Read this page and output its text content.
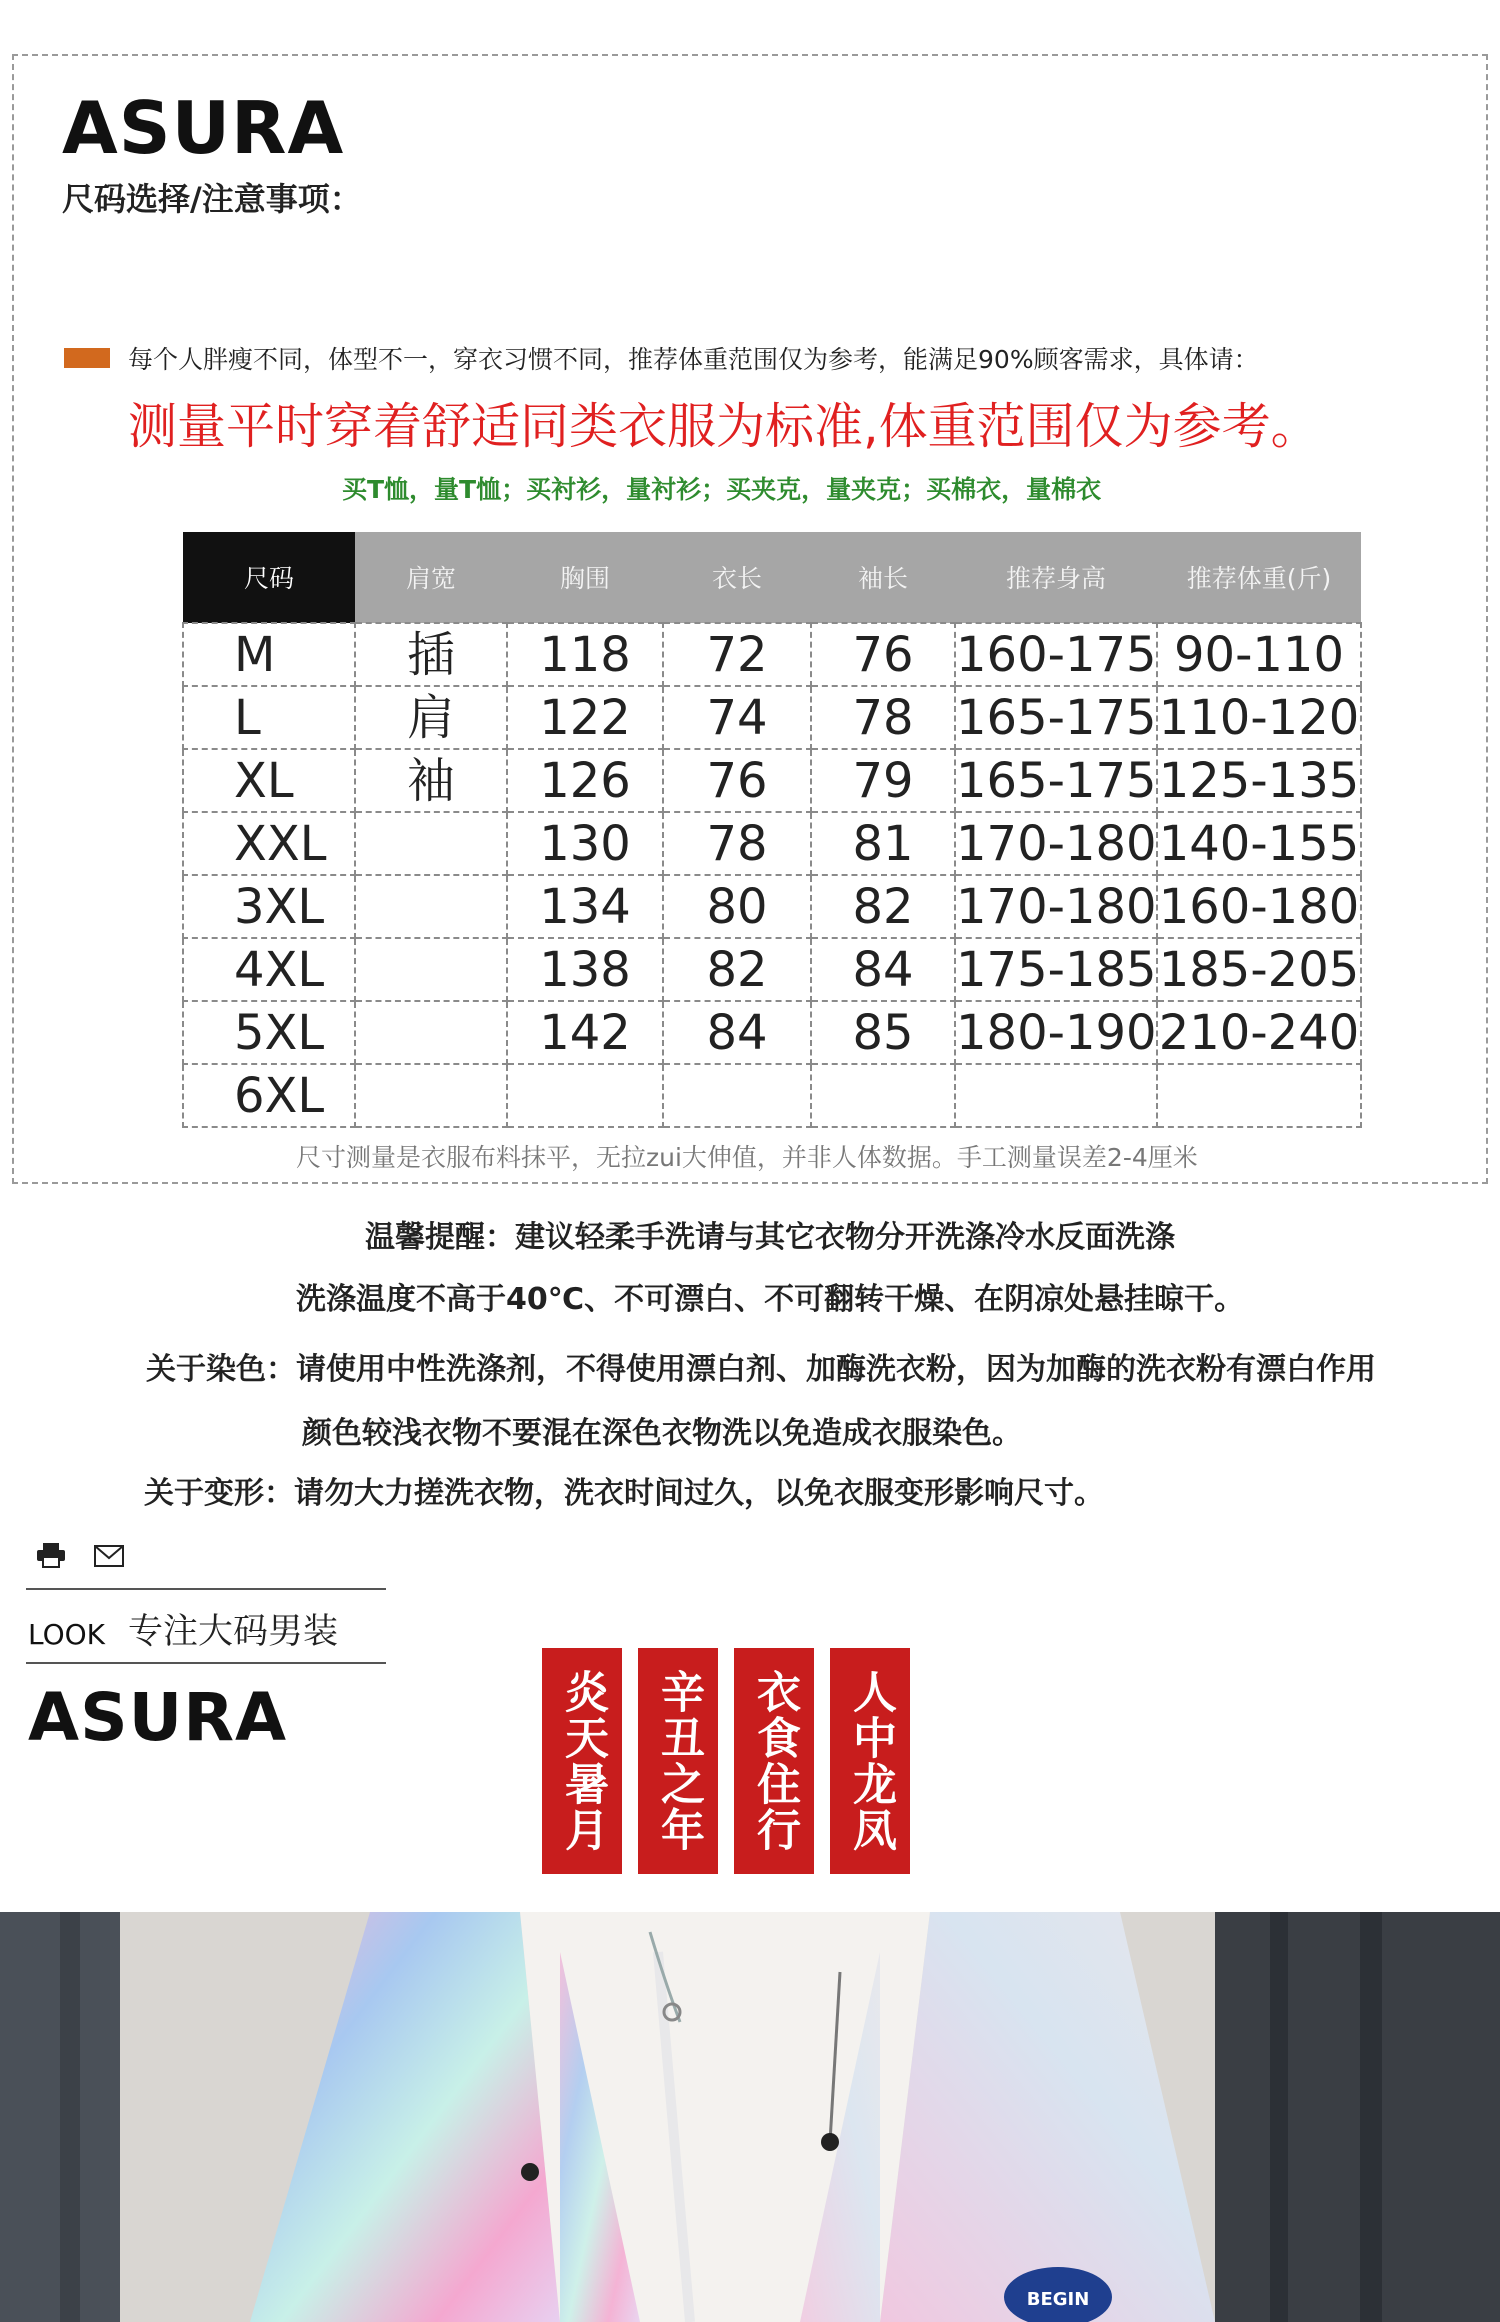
ASURA
尺码选择/注意事项：
每个人胖瘦不同，体型不一，穿衣习惯不同，推荐体重范围仅为参考，能满足90%顾客需求，具体请：
测量平时穿着舒适同类衣服为标准,体重范围仅为参考。
买T恤，量T恤；买衬衫，量衬衫；买夹克，量夹克；买棉衣，量棉衣
尺码	肩宽	胸围	衣长	袖长	推荐身高	推荐体重(斤)
M	插	118	72	76	160-175	90-110
L	肩	122	74	78	165-175	110-120
XL	袖	126	76	79	165-175	125-135
XXL		130	78	81	170-180	140-155
3XL		134	80	82	170-180	160-180
4XL		138	82	84	175-185	185-205
5XL		142	84	85	180-190	210-240
6XL						
尺寸测量是衣服布料抹平，无拉zui大伸值，并非人体数据。手工测量误差2-4厘米
温馨提醒：建议轻柔手洗请与其它衣物分开洗涤冷水反面洗涤
洗涤温度不高于40℃、不可漂白、不可翻转干燥、在阴凉处悬挂晾干。
关于染色：请使用中性洗涤剂，不得使用漂白剂、加酶洗衣粉，因为加酶的洗衣粉有漂白作用
颜色较浅衣物不要混在深色衣物洗以免造成衣服染色。
关于变形：请勿大力搓洗衣物，洗衣时间过久，以免衣服变形影响尺寸。
LOOK 专注大码男装
ASURA	炎天暑月 辛丑之年 衣食住行 人中龙凤
BEGIN
